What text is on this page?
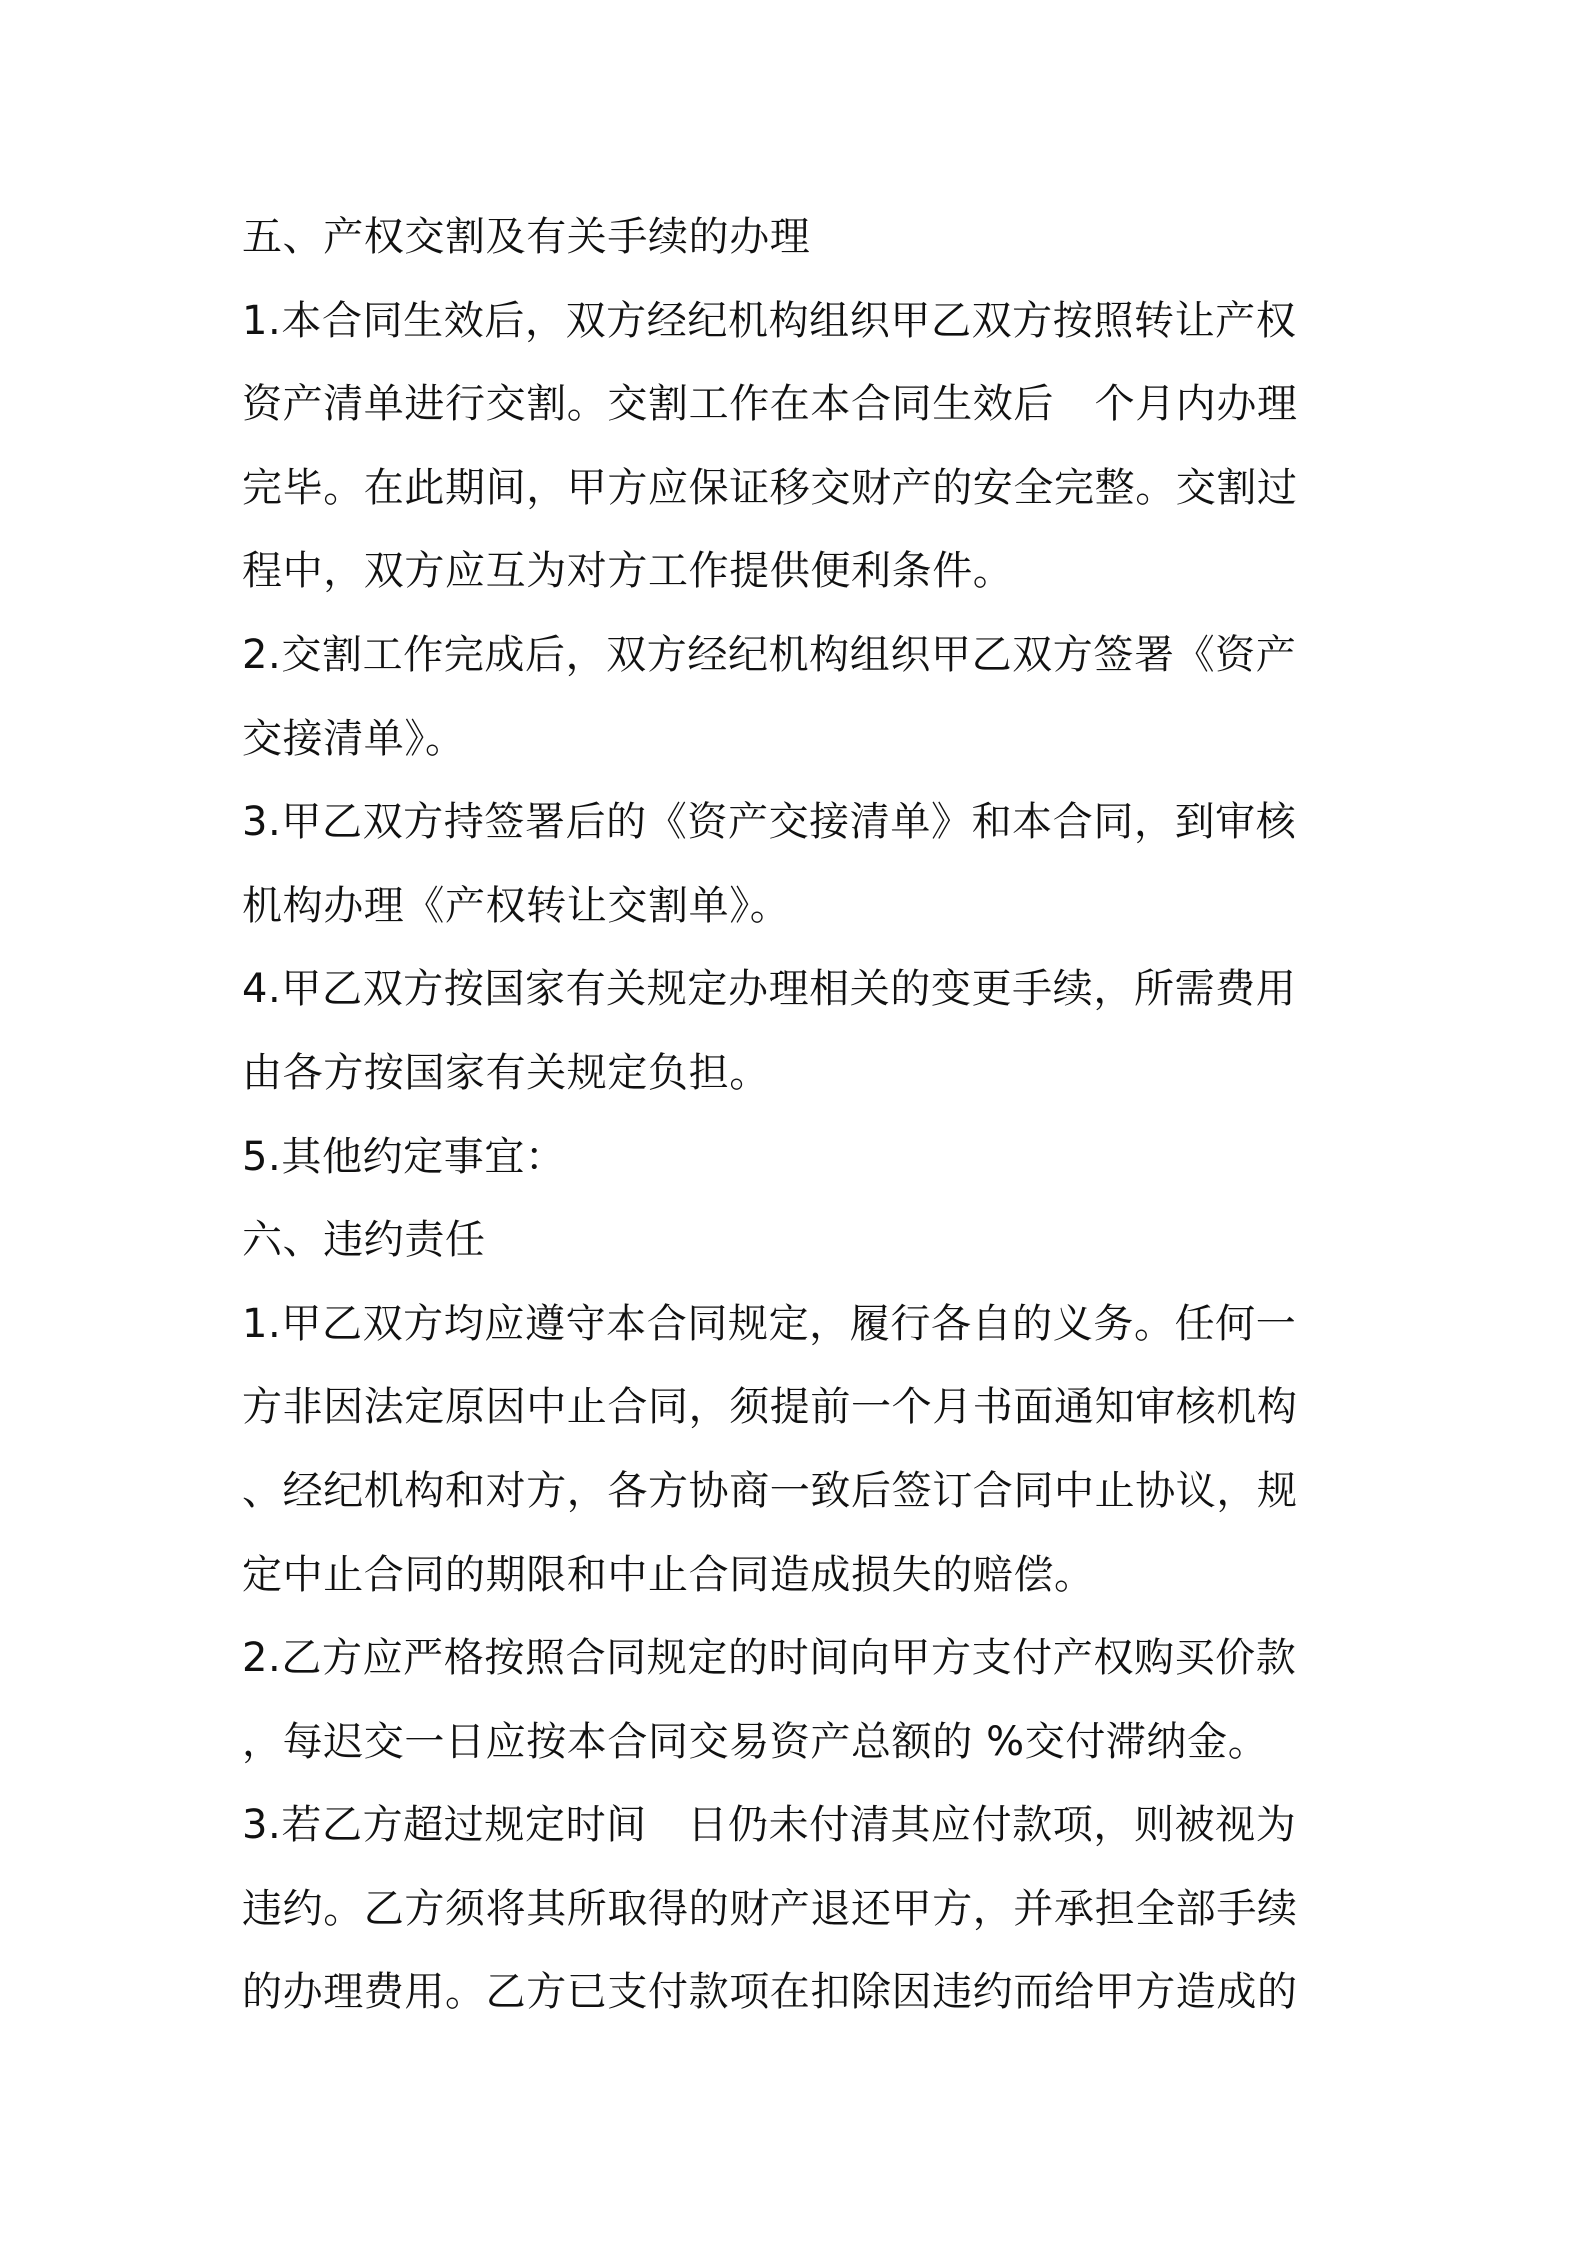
五、产权交割及有关手续的办理
1.本合同生效后，双方经纪机构组织甲乙双方按照转让产权
资产清单进行交割。交割工作在本合同生效后　个月内办理
完毕。在此期间，甲方应保证移交财产的安全完整。交割过
程中，双方应互为对方工作提供便利条件。
2.交割工作完成后，双方经纪机构组织甲乙双方签署《资产
交接清单》。
3.甲乙双方持签署后的《资产交接清单》和本合同，到审核
机构办理《产权转让交割单》。
4.甲乙双方按国家有关规定办理相关的变更手续，所需费用
由各方按国家有关规定负担。
5.其他约定事宜：
六、违约责任
1.甲乙双方均应遵守本合同规定，履行各自的义务。任何一
方非因法定原因中止合同，须提前一个月书面通知审核机构
、经纪机构和对方，各方协商一致后签订合同中止协议，规
定中止合同的期限和中止合同造成损失的赔偿。
2.乙方应严格按照合同规定的时间向甲方支付产权购买价款
，每迟交一日应按本合同交易资产总额的 %交付滞纳金。
3.若乙方超过规定时间　日仍未付清其应付款项，则被视为
违约。乙方须将其所取得的财产退还甲方，并承担全部手续
的办理费用。乙方已支付款项在扣除因违约而给甲方造成的
